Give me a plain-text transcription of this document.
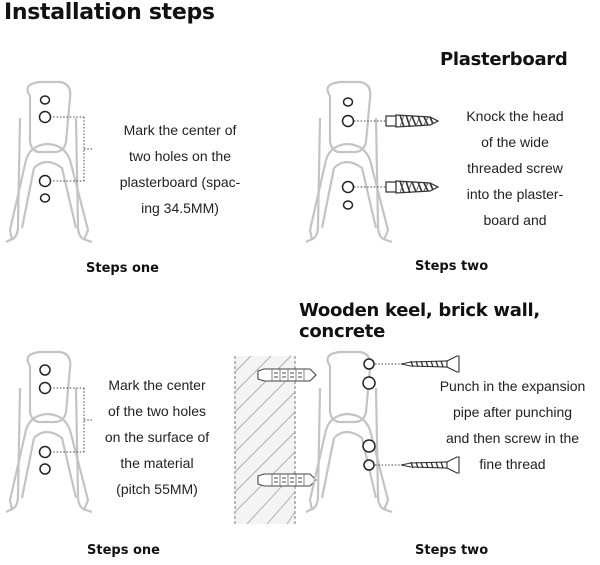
Installation steps
Plasterboard
Wooden keel, brick wall, concrete
Mark the center of
two holes on the
plasterboard (spac-
ing 34.5MM)
Steps one
Knock the head
of the wide
threaded screw
into the plaster-
board and
Steps two
Mark the center
of the two holes
on the surface of
the material
(pitch 55MM)
Steps one
Punch in the expansion
pipe after punching
and then screw in the
fine thread
Steps two
